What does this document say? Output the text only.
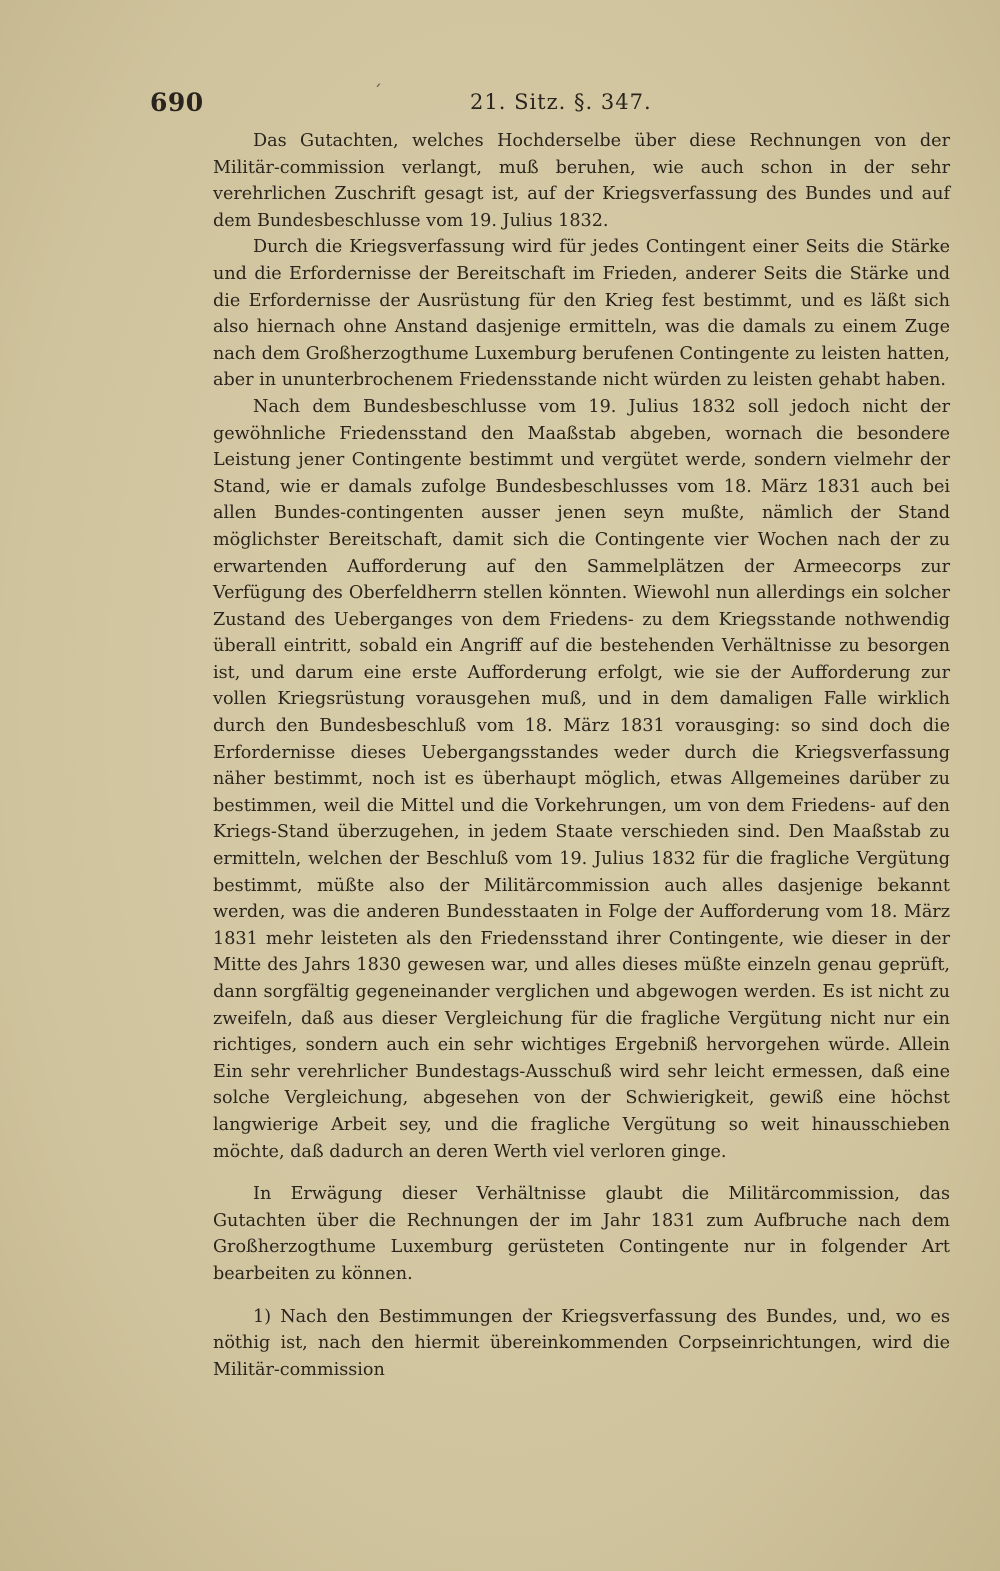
690	ˊ	21. Sitz. §. 347.

Das Gutachten, welches Hochderselbe über diese Rechnungen von der Militär-commission verlangt, muß beruhen, wie auch schon in der sehr verehrlichen Zuschrift gesagt ist, auf der Kriegsverfassung des Bundes und auf dem Bundesbeschlusse vom 19. Julius 1832.

Durch die Kriegsverfassung wird für jedes Contingent einer Seits die Stärke und die Erfordernisse der Bereitschaft im Frieden, anderer Seits die Stärke und die Erfordernisse der Ausrüstung für den Krieg fest bestimmt, und es läßt sich also hiernach ohne Anstand dasjenige ermitteln, was die damals zu einem Zuge nach dem Großherzogthume Luxemburg berufenen Contingente zu leisten hatten, aber in ununterbrochenem Friedensstande nicht würden zu leisten gehabt haben.

Nach dem Bundesbeschlusse vom 19. Julius 1832 soll jedoch nicht der gewöhnliche Friedensstand den Maaßstab abgeben, wornach die besondere Leistung jener Contingente bestimmt und vergütet werde, sondern vielmehr der Stand, wie er damals zufolge Bundesbeschlusses vom 18. März 1831 auch bei allen Bundes-contingenten ausser jenen seyn mußte, nämlich der Stand möglichster Bereitschaft, damit sich die Contingente vier Wochen nach der zu erwartenden Aufforderung auf den Sammelplätzen der Armeecorps zur Verfügung des Oberfeldherrn stellen könnten. Wiewohl nun allerdings ein solcher Zustand des Ueberganges von dem Friedens- zu dem Kriegsstande nothwendig überall eintritt, sobald ein Angriff auf die bestehenden Verhältnisse zu besorgen ist, und darum eine erste Aufforderung erfolgt, wie sie der Aufforderung zur vollen Kriegsrüstung vorausgehen muß, und in dem damaligen Falle wirklich durch den Bundesbeschluß vom 18. März 1831 vorausging: so sind doch die Erfordernisse dieses Uebergangsstandes weder durch die Kriegsverfassung näher bestimmt, noch ist es überhaupt möglich, etwas Allgemeines darüber zu bestimmen, weil die Mittel und die Vorkehrungen, um von dem Friedens- auf den Kriegs-Stand überzugehen, in jedem Staate verschieden sind. Den Maaßstab zu ermitteln, welchen der Beschluß vom 19. Julius 1832 für die fragliche Vergütung bestimmt, müßte also der Militärcommission auch alles dasjenige bekannt werden, was die anderen Bundesstaaten in Folge der Aufforderung vom 18. März 1831 mehr leisteten als den Friedensstand ihrer Contingente, wie dieser in der Mitte des Jahrs 1830 gewesen war, und alles dieses müßte einzeln genau geprüft, dann sorgfältig gegeneinander verglichen und abgewogen werden. Es ist nicht zu zweifeln, daß aus dieser Vergleichung für die fragliche Vergütung nicht nur ein richtiges, sondern auch ein sehr wichtiges Ergebniß hervorgehen würde. Allein Ein sehr verehrlicher Bundestags-Ausschuß wird sehr leicht ermessen, daß eine solche Vergleichung, abgesehen von der Schwierigkeit, gewiß eine höchst langwierige Arbeit sey, und die fragliche Vergütung so weit hinausschieben möchte, daß dadurch an deren Werth viel verloren ginge.

In Erwägung dieser Verhältnisse glaubt die Militärcommission, das Gutachten über die Rechnungen der im Jahr 1831 zum Aufbruche nach dem Großherzogthume Luxemburg gerüsteten Contingente nur in folgender Art bearbeiten zu können.

1) Nach den Bestimmungen der Kriegsverfassung des Bundes, und, wo es nöthig ist, nach den hiermit übereinkommenden Corpseinrichtungen, wird die Militär-commission
